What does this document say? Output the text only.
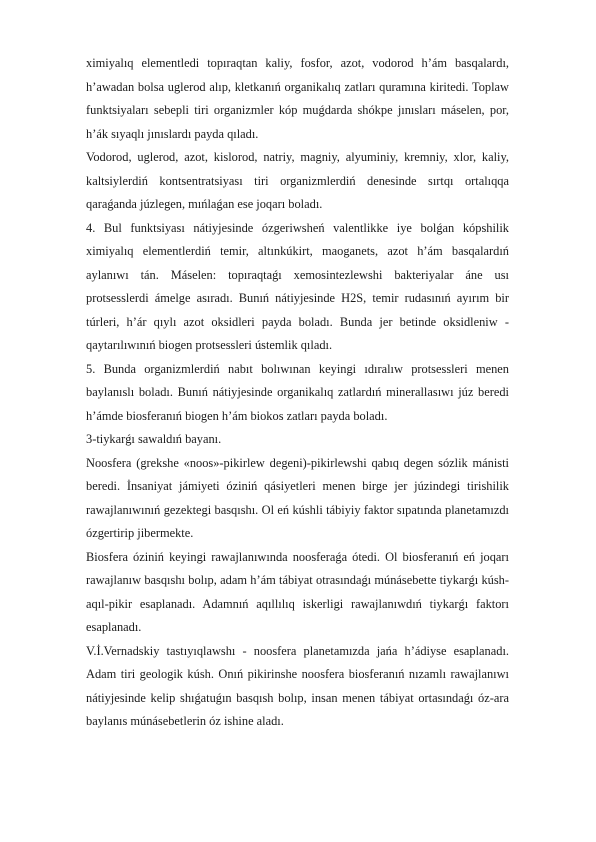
ximiyalıq elementledi topıraqtan kaliy, fosfor, azot, vodorod h’ám basqalardı, h’awadan bolsa uglerod alıp, kletkanıń organikalıq zatları quramına kiritedi. Toplaw funktsiyaları sebepli tiri organizmler kóp muǵdarda shókpe jınısları máselen, por, h’ák sıyaqlı jınıslardı payda qıladı.

Vodorod, uglerod, azot, kislorod, natriy, magniy, alyuminiy, kremniy, xlor, kaliy, kaltsiylerdiń kontsentratsiyası tiri organizmlerdiń denesinde sırtqı ortalıqqa qaraǵanda júzlegen, mıńlaǵan ese joqarı boladı.

4. Bul funktsiyası nátiyjesinde ózgeriwsheń valentlikke iye bolǵan kópshilik ximiyalıq elementlerdiń temir, altınkúkirt, maoganets, azot h’ám basqalardıń aylanıwı tán. Máselen: topıraqtaǵı xemosintezlewshi bakteriyalar áne usı protsesslerdi ámelge asıradı. Bunıń nátiyjesinde H2S, temir rudasınıń ayırım bir túrleri, h’ár qıylı azot oksidleri payda boladı. Bunda jer betinde oksidleniw - qaytarılıwınıń biogen protsessleri ústemlik qıladı.

5. Bunda organizmlerdiń nabıt bolıwınan keyingi ıdıralıw protsessleri menen baylanıslı boladı. Bunıń nátiyjesinde organikalıq zatlardıń minerallasıwı júz beredi h’ámde biosferanıń biogen h’ám biokos zatları payda boladı.

3-tiykarǵı sawaldıń bayanı.

Noosfera (grekshe «noos»-pikirlew degeni)-pikirlewshi qabıq degen sózlik mánisti beredi. İnsaniyat jámiyeti óziniń qásiyetleri menen birge jer júzindegi tirishilik rawajlanıwınıń gezektegi basqıshı. Ol eń kúshli tábiyiy faktor sıpatında planetamızdı ózgertirip jibermekte.

Biosfera óziniń keyingi rawajlanıwında noosferaǵa ótedi. Ol biosferanıń eń joqarı rawajlanıw basqıshı bolıp, adam h’ám tábiyat otrasındaǵı múnásebette tiykarǵı kúsh-aqıl-pikir esaplanadı. Adamnıń aqıllılıq iskerligi rawajlanıwdıń tiykarǵı faktorı esaplanadı.

V.İ.Vernadskiy tastıyıqlawshı - noosfera planetamızda jańa h’ádiyse esaplanadı. Adam tiri geologik kúsh. Onıń pikirinshe noosfera biosferanıń nızamlı rawajlanıwı nátiyjesinde kelip shıǵatuǵın basqısh bolıp, insan menen tábiyat ortasındaǵı óz-ara baylanıs múnásebetlerin óz ishine aladı.
